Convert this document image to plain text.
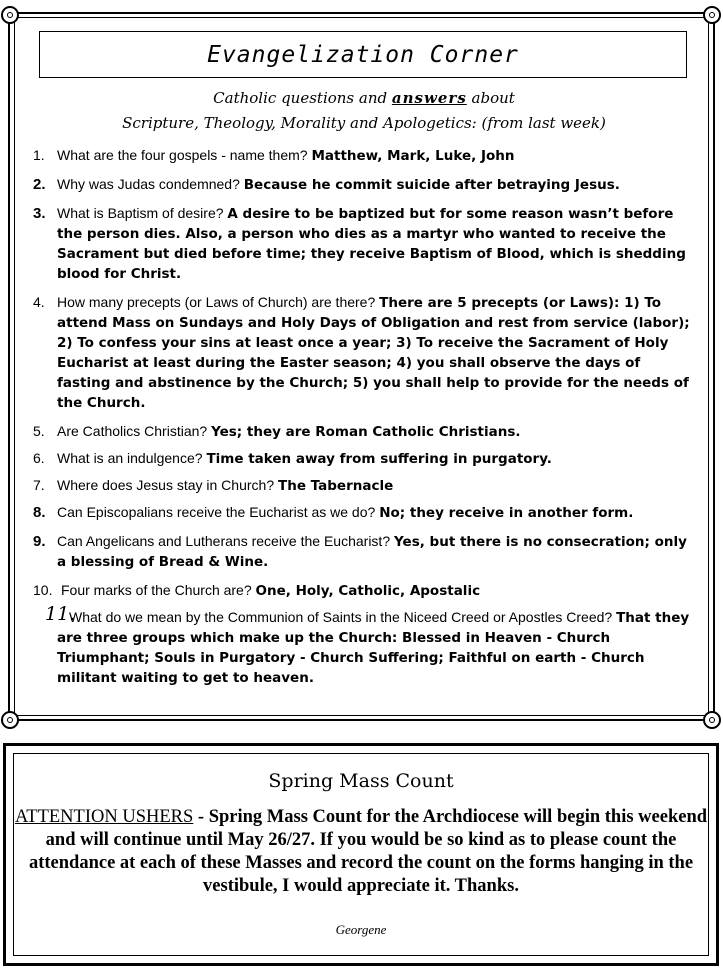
Evangelization Corner
Catholic questions and answers about
Scripture, Theology, Morality and Apologetics: (from last week)
1. What are the four gospels - name them? Matthew, Mark, Luke, John
2. Why was Judas condemned? Because he commit suicide after betraying Jesus.
3. What is Baptism of desire? A desire to be baptized but for some reason wasn’t before the person dies. Also, a person who dies as a martyr who wanted to receive the Sacrament but died before time; they receive Baptism of Blood, which is shedding blood for Christ.
4. How many precepts (or Laws of Church) are there? There are 5 precepts (or Laws): 1) To attend Mass on Sundays and Holy Days of Obligation and rest from service (labor); 2) To confess your sins at least once a year; 3) To receive the Sacrament of Holy Eucharist at least during the Easter season; 4) you shall observe the days of fasting and abstinence by the Church; 5) you shall help to provide for the needs of the Church.
5. Are Catholics Christian? Yes; they are Roman Catholic Christians.
6. What is an indulgence? Time taken away from suffering in purgatory.
7. Where does Jesus stay in Church? The Tabernacle
8. Can Episcopalians receive the Eucharist as we do? No; they receive in another form.
9. Can Angelicans and Lutherans receive the Eucharist? Yes, but there is no consecration; only a blessing of Bread & Wine.
10. Four marks of the Church are? One, Holy, Catholic, Apostalic
11.
What do we mean by the Communion of Saints in the Niceed Creed or Apostles Creed? That they are three groups which make up the Church: Blessed in Heaven - Church Triumphant; Souls in Purgatory - Church Suffering; Faithful on earth - Church militant waiting to get to heaven.
Spring Mass Count
ATTENTION USHERS - Spring Mass Count for the Archdiocese will begin this weekend and will continue until May 26/27. If you would be so kind as to please count the attendance at each of these Masses and record the count on the forms hanging in the vestibule, I would appreciate it. Thanks.
Georgene
